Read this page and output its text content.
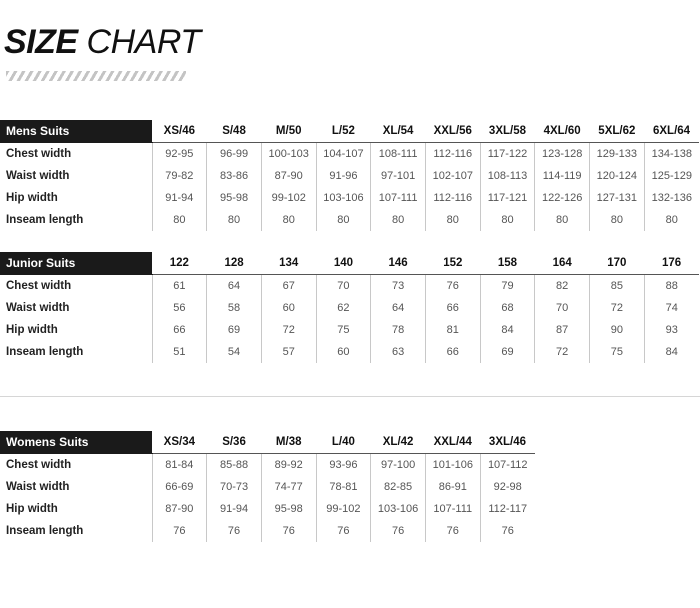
SIZE CHART
Mens Suits	XS/46	S/48	M/50	L/52	XL/54	XXL/56	3XL/58	4XL/60	5XL/62	6XL/64
Chest width	92-95	96-99	100-103	104-107	108-111	112-116	117-122	123-128	129-133	134-138
Waist width	79-82	83-86	87-90	91-96	97-101	102-107	108-113	114-119	120-124	125-129
Hip width	91-94	95-98	99-102	103-106	107-111	112-116	117-121	122-126	127-131	132-136
Inseam length	80	80	80	80	80	80	80	80	80	80
Junior Suits	122	128	134	140	146	152	158	164	170	176
Chest width	61	64	67	70	73	76	79	82	85	88
Waist width	56	58	60	62	64	66	68	70	72	74
Hip width	66	69	72	75	78	81	84	87	90	93
Inseam length	51	54	57	60	63	66	69	72	75	84
Womens Suits	XS/34	S/36	M/38	L/40	XL/42	XXL/44	3XL/46
Chest width	81-84	85-88	89-92	93-96	97-100	101-106	107-112
Waist width	66-69	70-73	74-77	78-81	82-85	86-91	92-98
Hip width	87-90	91-94	95-98	99-102	103-106	107-111	112-117
Inseam length	76	76	76	76	76	76	76
